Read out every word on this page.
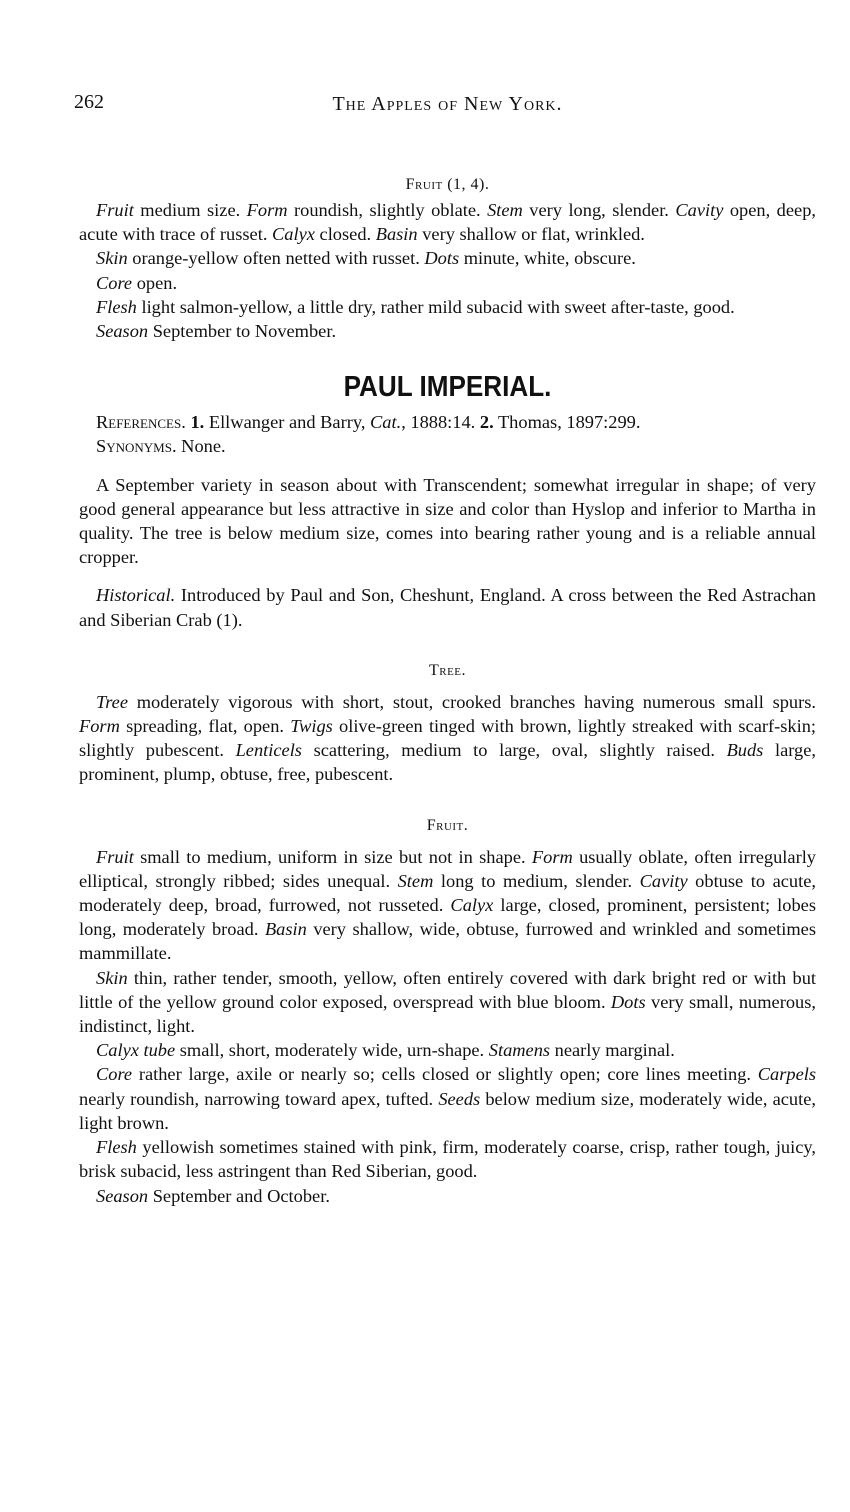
262	The Apples of New York.
Fruit (1, 4).

Fruit medium size. Form roundish, slightly oblate. Stem very long, slender. Cavity open, deep, acute with trace of russet. Calyx closed. Basin very shallow or flat, wrinkled.

Skin orange-yellow often netted with russet. Dots minute, white, obscure.

Core open.

Flesh light salmon-yellow, a little dry, rather mild subacid with sweet after-taste, good.

Season September to November.

PAUL IMPERIAL.

References. 1. Ellwanger and Barry, Cat., 1888:14. 2. Thomas, 1897:299.

Synonyms. None.

A September variety in season about with Transcendent; somewhat irregular in shape; of very good general appearance but less attractive in size and color than Hyslop and inferior to Martha in quality. The tree is below medium size, comes into bearing rather young and is a reliable annual cropper.

Historical. Introduced by Paul and Son, Cheshunt, England. A cross between the Red Astrachan and Siberian Crab (1).

Tree.

Tree moderately vigorous with short, stout, crooked branches having numerous small spurs. Form spreading, flat, open. Twigs olive-green tinged with brown, lightly streaked with scarf-skin; slightly pubescent. Lenticels scattering, medium to large, oval, slightly raised. Buds large, prominent, plump, obtuse, free, pubescent.

Fruit.

Fruit small to medium, uniform in size but not in shape. Form usually oblate, often irregularly elliptical, strongly ribbed; sides unequal. Stem long to medium, slender. Cavity obtuse to acute, moderately deep, broad, furrowed, not russeted. Calyx large, closed, prominent, persistent; lobes long, moderately broad. Basin very shallow, wide, obtuse, furrowed and wrinkled and sometimes mammillate.

Skin thin, rather tender, smooth, yellow, often entirely covered with dark bright red or with but little of the yellow ground color exposed, overspread with blue bloom. Dots very small, numerous, indistinct, light.

Calyx tube small, short, moderately wide, urn-shape. Stamens nearly marginal.

Core rather large, axile or nearly so; cells closed or slightly open; core lines meeting. Carpels nearly roundish, narrowing toward apex, tufted. Seeds below medium size, moderately wide, acute, light brown.

Flesh yellowish sometimes stained with pink, firm, moderately coarse, crisp, rather tough, juicy, brisk subacid, less astringent than Red Siberian, good.

Season September and October.
